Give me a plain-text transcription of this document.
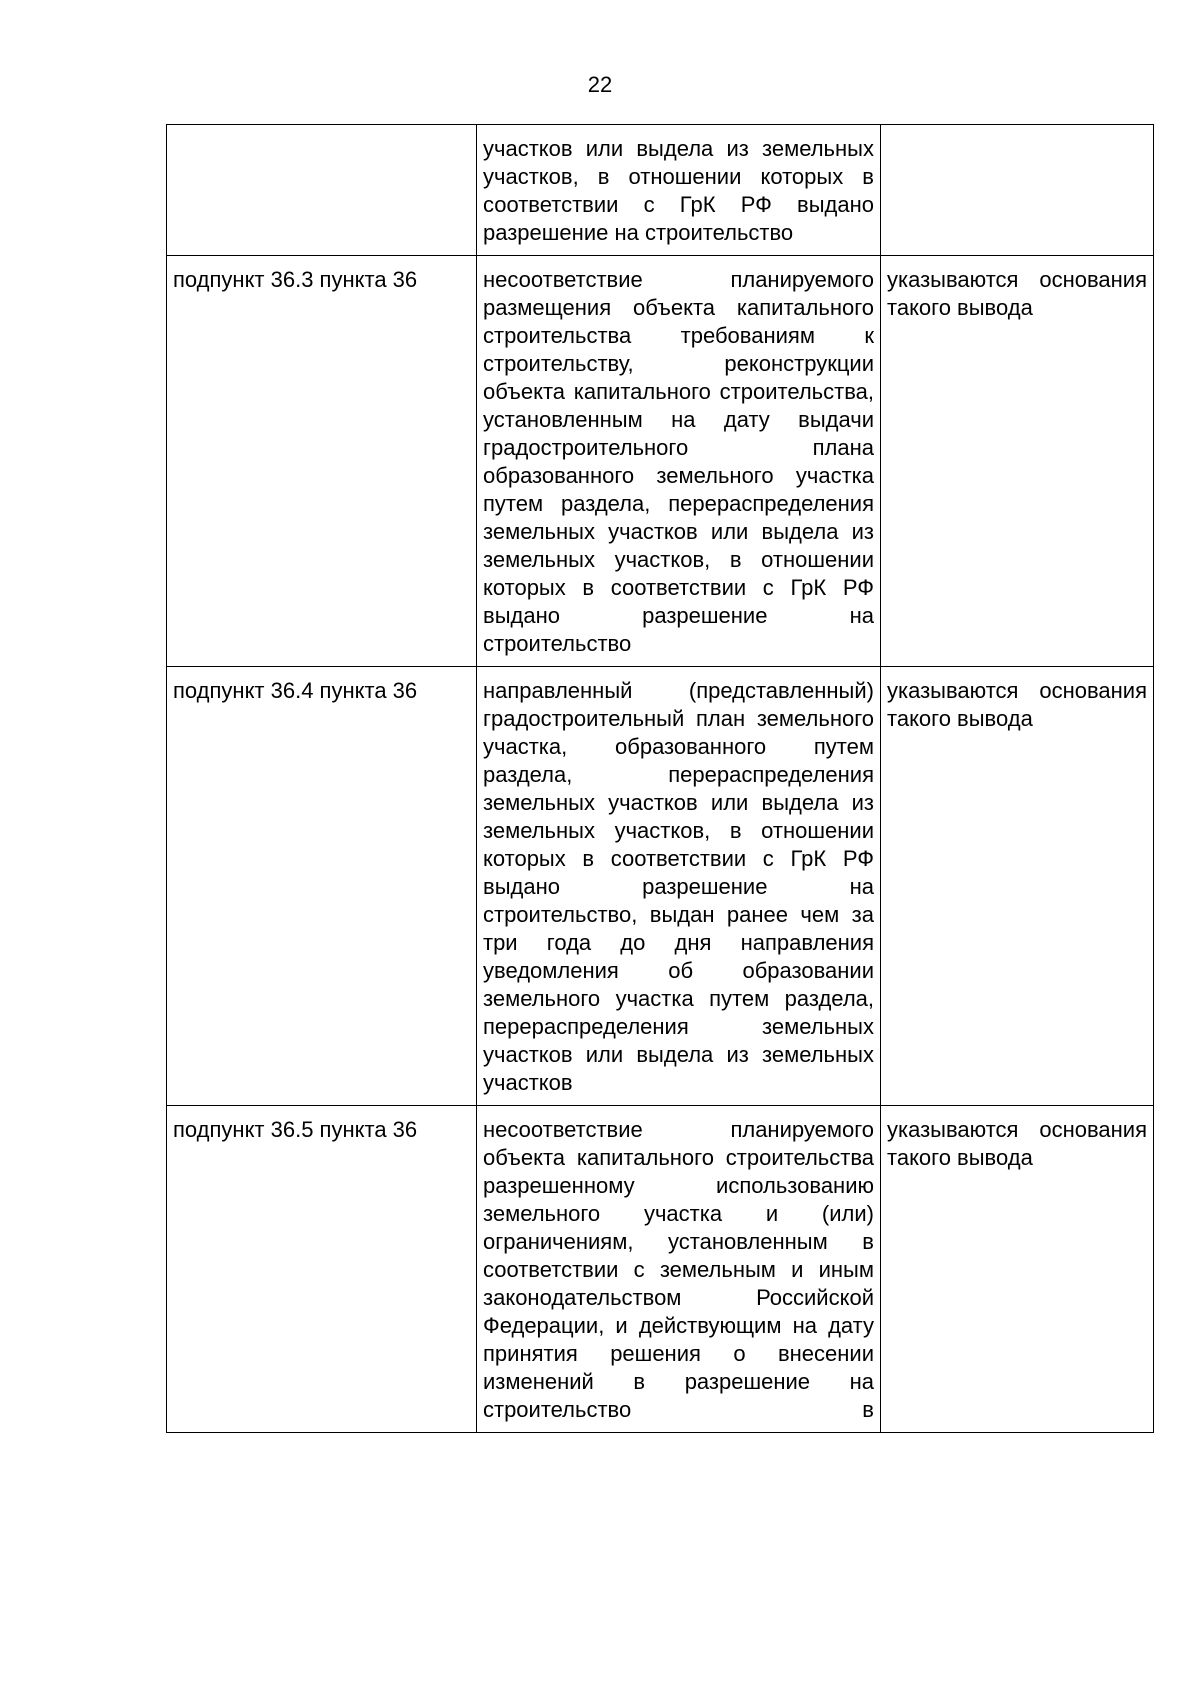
22
	участков или выдела из земельных участков, в отношении которых в соответствии с ГрК РФ выдано разрешение на строительство	
подпункт 36.3 пункта 36	несоответствие планируемого размещения объекта капитального строительства требованиям к строительству, реконструкции объекта капитального строительства, установленным на дату выдачи градостроительного плана образованного земельного участка путем раздела, перераспределения земельных участков или выдела из земельных участков, в отношении которых в соответствии с ГрК РФ выдано разрешение на строительство	указываются основания такого вывода
подпункт 36.4 пункта 36	направленный (представленный) градостроительный план земельного участка, образованного путем раздела, перераспределения земельных участков или выдела из земельных участков, в отношении которых в соответствии с ГрК РФ выдано разрешение на строительство, выдан ранее чем за три года до дня направления уведомления об образовании земельного участка путем раздела, перераспределения земельных участков или выдела из земельных участков	указываются основания такого вывода
подпункт 36.5 пункта 36	несоответствие планируемого объекта капитального строительства разрешенному использованию земельного участка и (или) ограничениям, установленным в соответствии с земельным и иным законодательством Российской Федерации, и действующим на дату принятия решения о внесении изменений в разрешение на строительство в	указываются основания такого вывода
